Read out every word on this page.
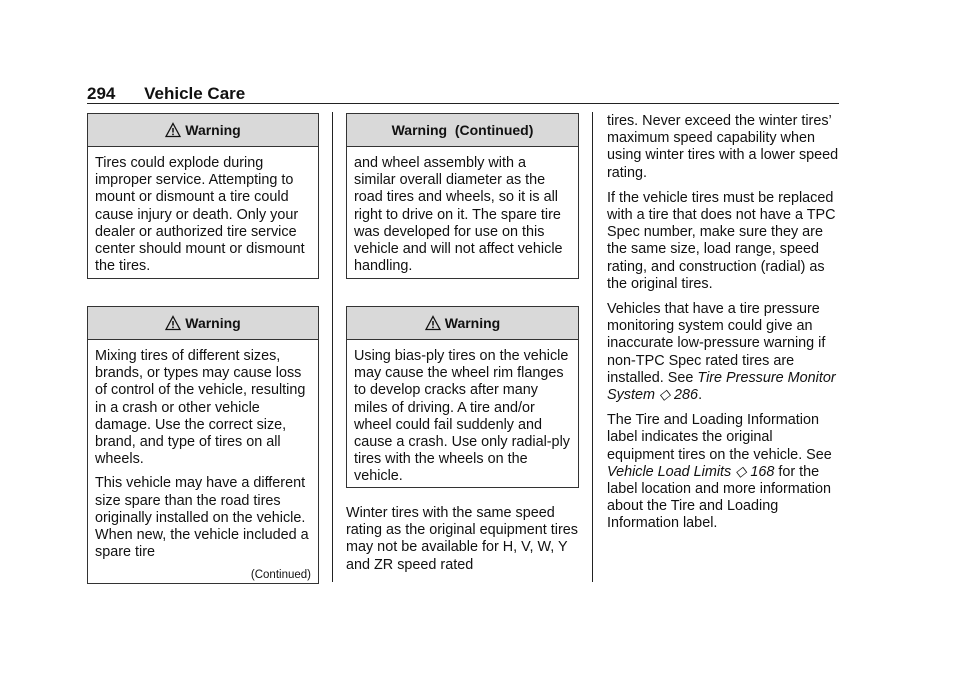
294 Vehicle Care
Warning

Tires could explode during improper service. Attempting to mount or dismount a tire could cause injury or death. Only your dealer or authorized tire service center should mount or dismount the tires.

Warning

Mixing tires of different sizes, brands, or types may cause loss of control of the vehicle, resulting in a crash or other vehicle damage. Use the correct size, brand, and type of tires on all wheels.

This vehicle may have a different size spare than the road tires originally installed on the vehicle. When new, the vehicle included a spare tire

(Continued)
Warning  (Continued)

and wheel assembly with a similar overall diameter as the road tires and wheels, so it is all right to drive on it. The spare tire was developed for use on this vehicle and will not affect vehicle handling.

Warning

Using bias-ply tires on the vehicle may cause the wheel rim flanges to develop cracks after many miles of driving. A tire and/or wheel could fail suddenly and cause a crash. Use only radial-ply tires with the wheels on the vehicle.

Winter tires with the same speed rating as the original equipment tires may not be available for H, V, W, Y and ZR speed rated

tires. Never exceed the winter tires’ maximum speed capability when using winter tires with a lower speed rating.

If the vehicle tires must be replaced with a tire that does not have a TPC Spec number, make sure they are the same size, load range, speed rating, and construction (radial) as the original tires.

Vehicles that have a tire pressure monitoring system could give an inaccurate low-pressure warning if non-TPC Spec rated tires are installed. See Tire Pressure Monitor System ◇ 286.

The Tire and Loading Information label indicates the original equipment tires on the vehicle. See Vehicle Load Limits ◇ 168 for the label location and more information about the Tire and Loading Information label.
